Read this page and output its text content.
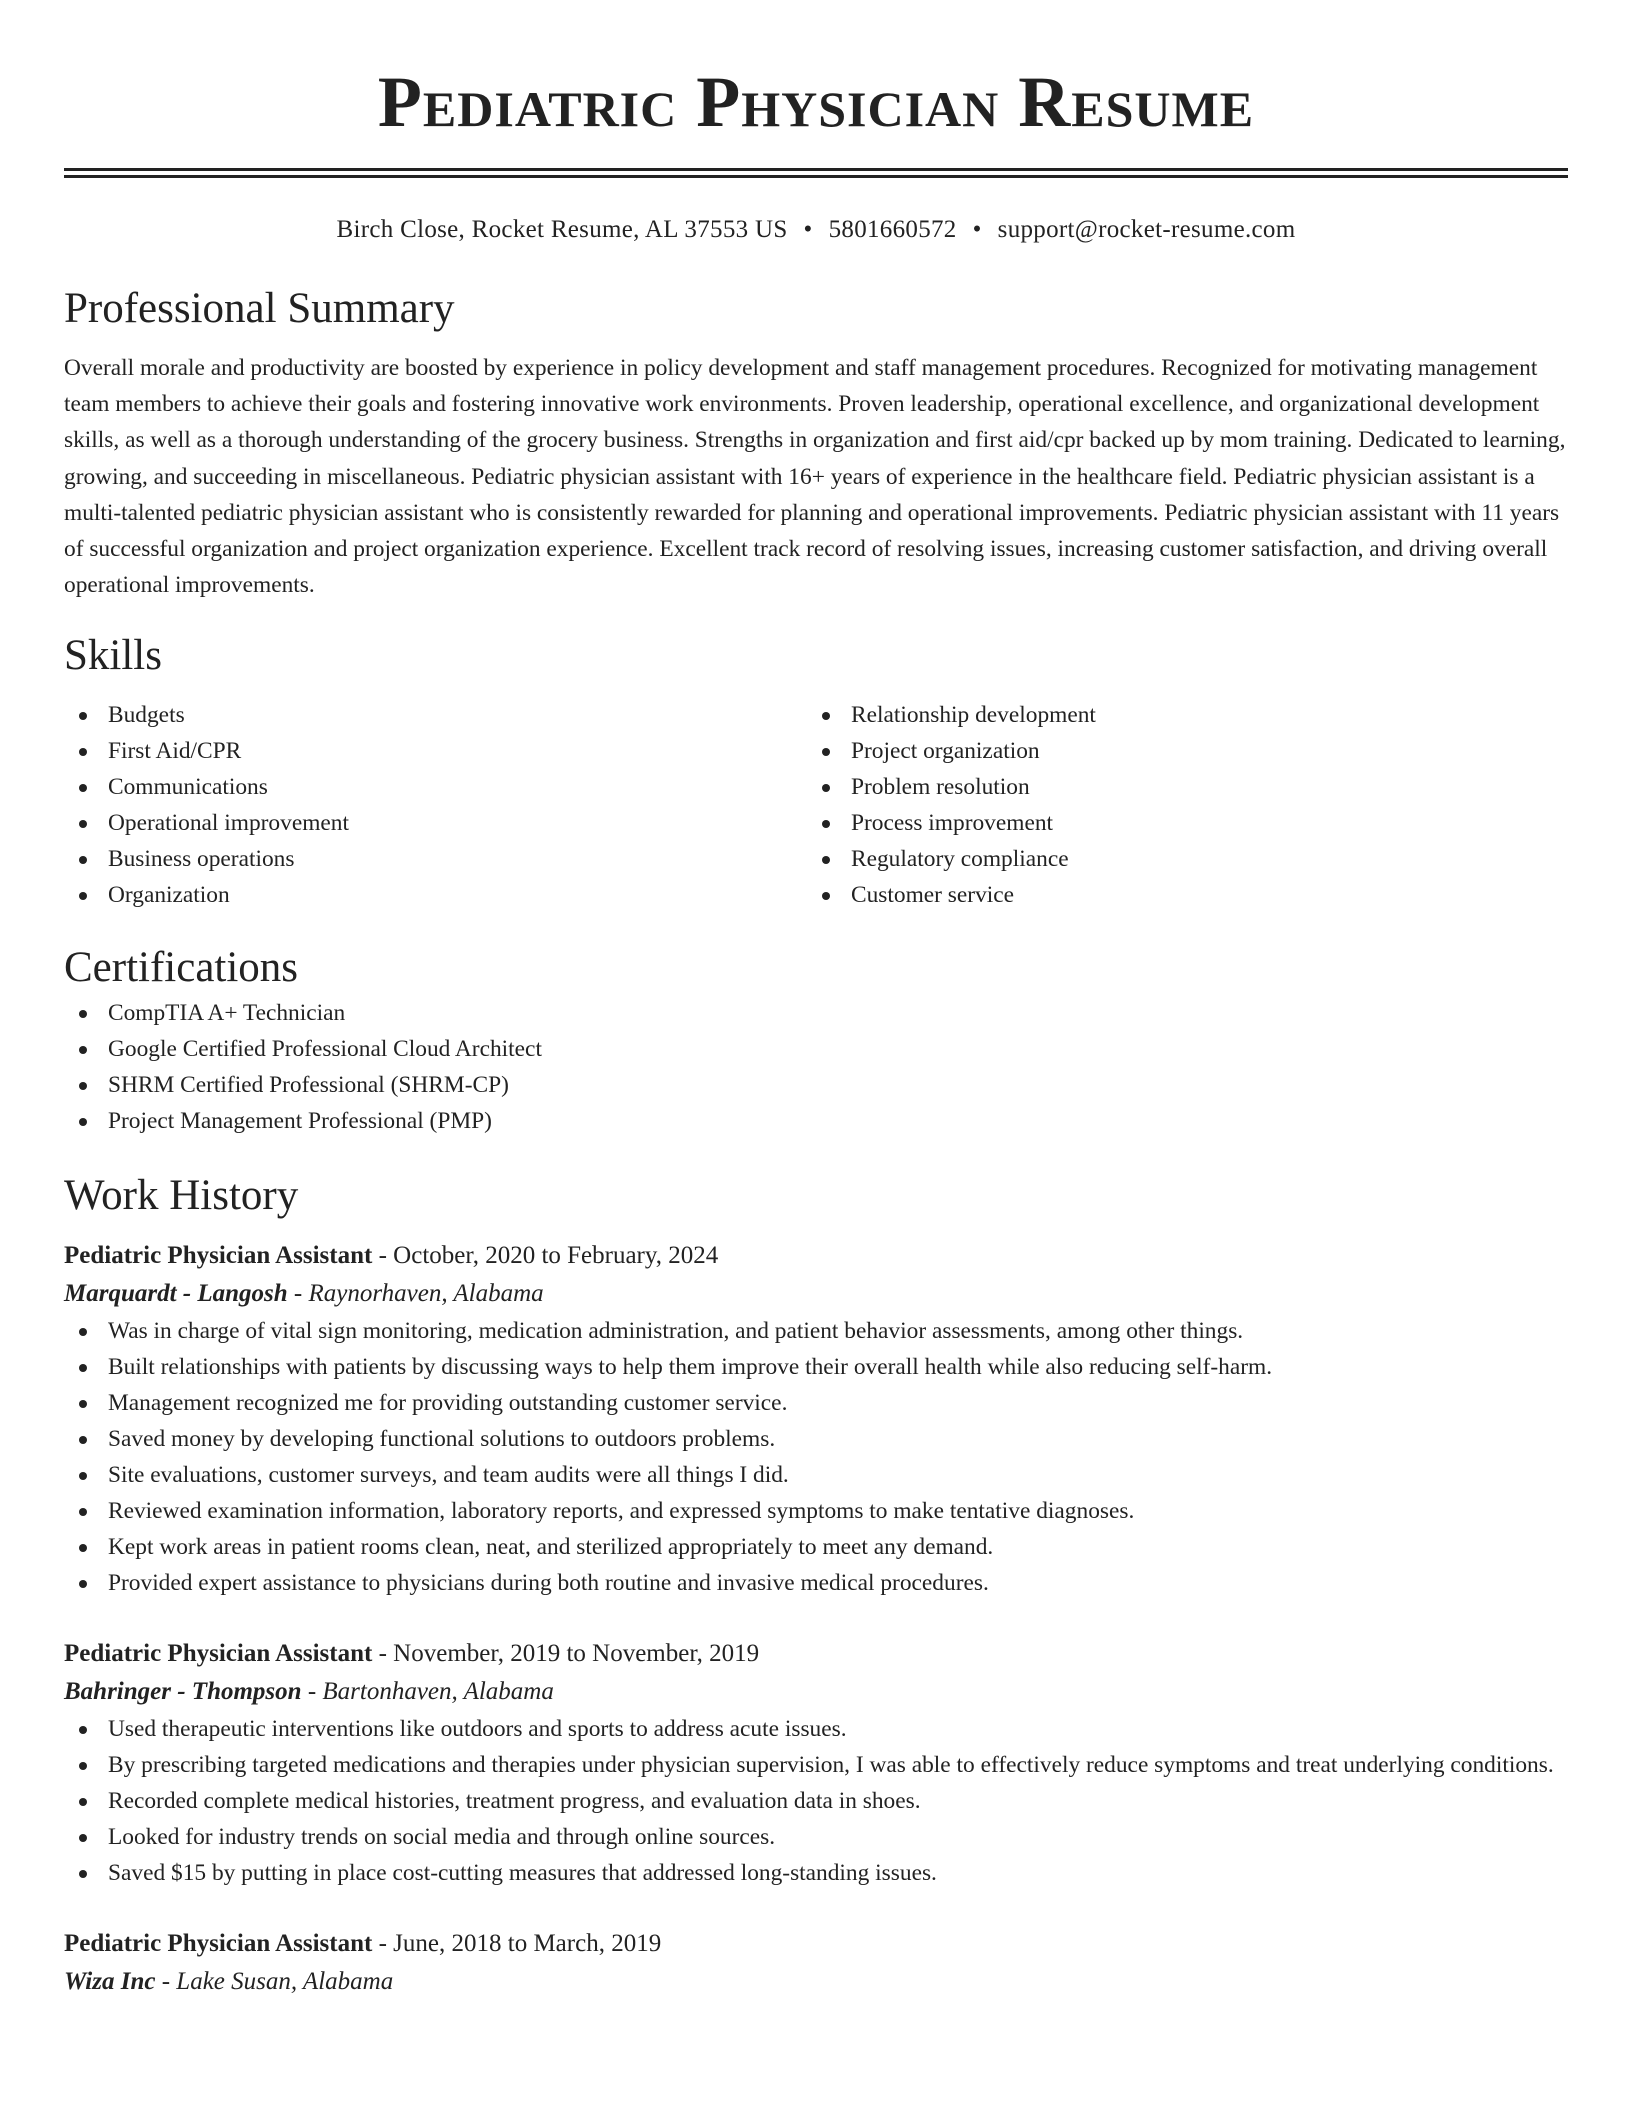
Pediatric Physician Resume
Birch Close, Rocket Resume, AL 37553 US • 5801660572 • support@rocket-resume.com
Professional Summary

Overall morale and productivity are boosted by experience in policy development and staff management procedures. Recognized for motivating management team members to achieve their goals and fostering innovative work environments. Proven leadership, operational excellence, and organizational development skills, as well as a thorough understanding of the grocery business. Strengths in organization and first aid/cpr backed up by mom training. Dedicated to learning, growing, and succeeding in miscellaneous. Pediatric physician assistant with 16+ years of experience in the healthcare field. Pediatric physician assistant is a multi-talented pediatric physician assistant who is consistently rewarded for planning and operational improvements. Pediatric physician assistant with 11 years of successful organization and project organization experience. Excellent track record of resolving issues, increasing customer satisfaction, and driving overall operational improvements.

Skills
Budgets
First Aid/CPR
Communications
Operational improvement
Business operations
Organization
Relationship development
Project organization
Problem resolution
Process improvement
Regulatory compliance
Customer service
Certifications
CompTIA A+ Technician
Google Certified Professional Cloud Architect
SHRM Certified Professional (SHRM-CP)
Project Management Professional (PMP)
Work History
Pediatric Physician Assistant - October, 2020 to February, 2024
Marquardt - Langosh - Raynorhaven, Alabama
Was in charge of vital sign monitoring, medication administration, and patient behavior assessments, among other things.
Built relationships with patients by discussing ways to help them improve their overall health while also reducing self-harm.
Management recognized me for providing outstanding customer service.
Saved money by developing functional solutions to outdoors problems.
Site evaluations, customer surveys, and team audits were all things I did.
Reviewed examination information, laboratory reports, and expressed symptoms to make tentative diagnoses.
Kept work areas in patient rooms clean, neat, and sterilized appropriately to meet any demand.
Provided expert assistance to physicians during both routine and invasive medical procedures.
Pediatric Physician Assistant - November, 2019 to November, 2019
Bahringer - Thompson - Bartonhaven, Alabama
Used therapeutic interventions like outdoors and sports to address acute issues.
By prescribing targeted medications and therapies under physician supervision, I was able to effectively reduce symptoms and treat underlying conditions.
Recorded complete medical histories, treatment progress, and evaluation data in shoes.
Looked for industry trends on social media and through online sources.
Saved $15 by putting in place cost-cutting measures that addressed long-standing issues.
Pediatric Physician Assistant - June, 2018 to March, 2019
Wiza Inc - Lake Susan, Alabama
